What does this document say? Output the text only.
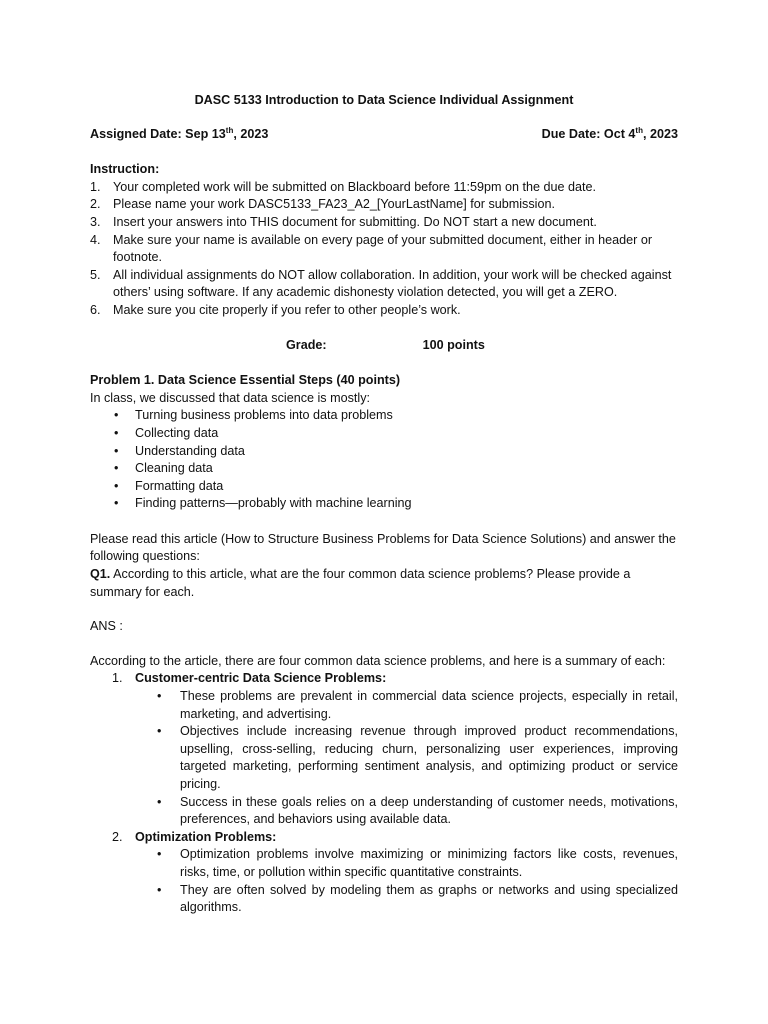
DASC 5133 Introduction to Data Science Individual Assignment
Assigned Date: Sep 13th, 2023	Due Date: Oct 4th, 2023
Instruction:
1. Your completed work will be submitted on Blackboard before 11:59pm on the due date.
2. Please name your work DASC5133_FA23_A2_[YourLastName] for submission.
3. Insert your answers into THIS document for submitting. Do NOT start a new document.
4. Make sure your name is available on every page of your submitted document, either in header or footnote.
5. All individual assignments do NOT allow collaboration. In addition, your work will be checked against others’ using software. If any academic dishonesty violation detected, you will get a ZERO.
6. Make sure you cite properly if you refer to other people’s work.
Grade:	100 points
Problem 1. Data Science Essential Steps (40 points)
In class, we discussed that data science is mostly:
• Turning business problems into data problems
• Collecting data
• Understanding data
• Cleaning data
• Formatting data
• Finding patterns—probably with machine learning

Please read this article (How to Structure Business Problems for Data Science Solutions) and answer the following questions:

Q1. According to this article, what are the four common data science problems? Please provide a summary for each.

ANS :
According to the article, there are four common data science problems, and here is a summary of each:
1. Customer-centric Data Science Problems:
• These problems are prevalent in commercial data science projects, especially in retail, marketing, and advertising.
• Objectives include increasing revenue through improved product recommendations, upselling, cross-selling, reducing churn, personalizing user experiences, improving targeted marketing, performing sentiment analysis, and optimizing product or service pricing.
• Success in these goals relies on a deep understanding of customer needs, motivations, preferences, and behaviors using available data.
2. Optimization Problems:
• Optimization problems involve maximizing or minimizing factors like costs, revenues, risks, time, or pollution within specific quantitative constraints.
• They are often solved by modeling them as graphs or networks and using specialized algorithms.
